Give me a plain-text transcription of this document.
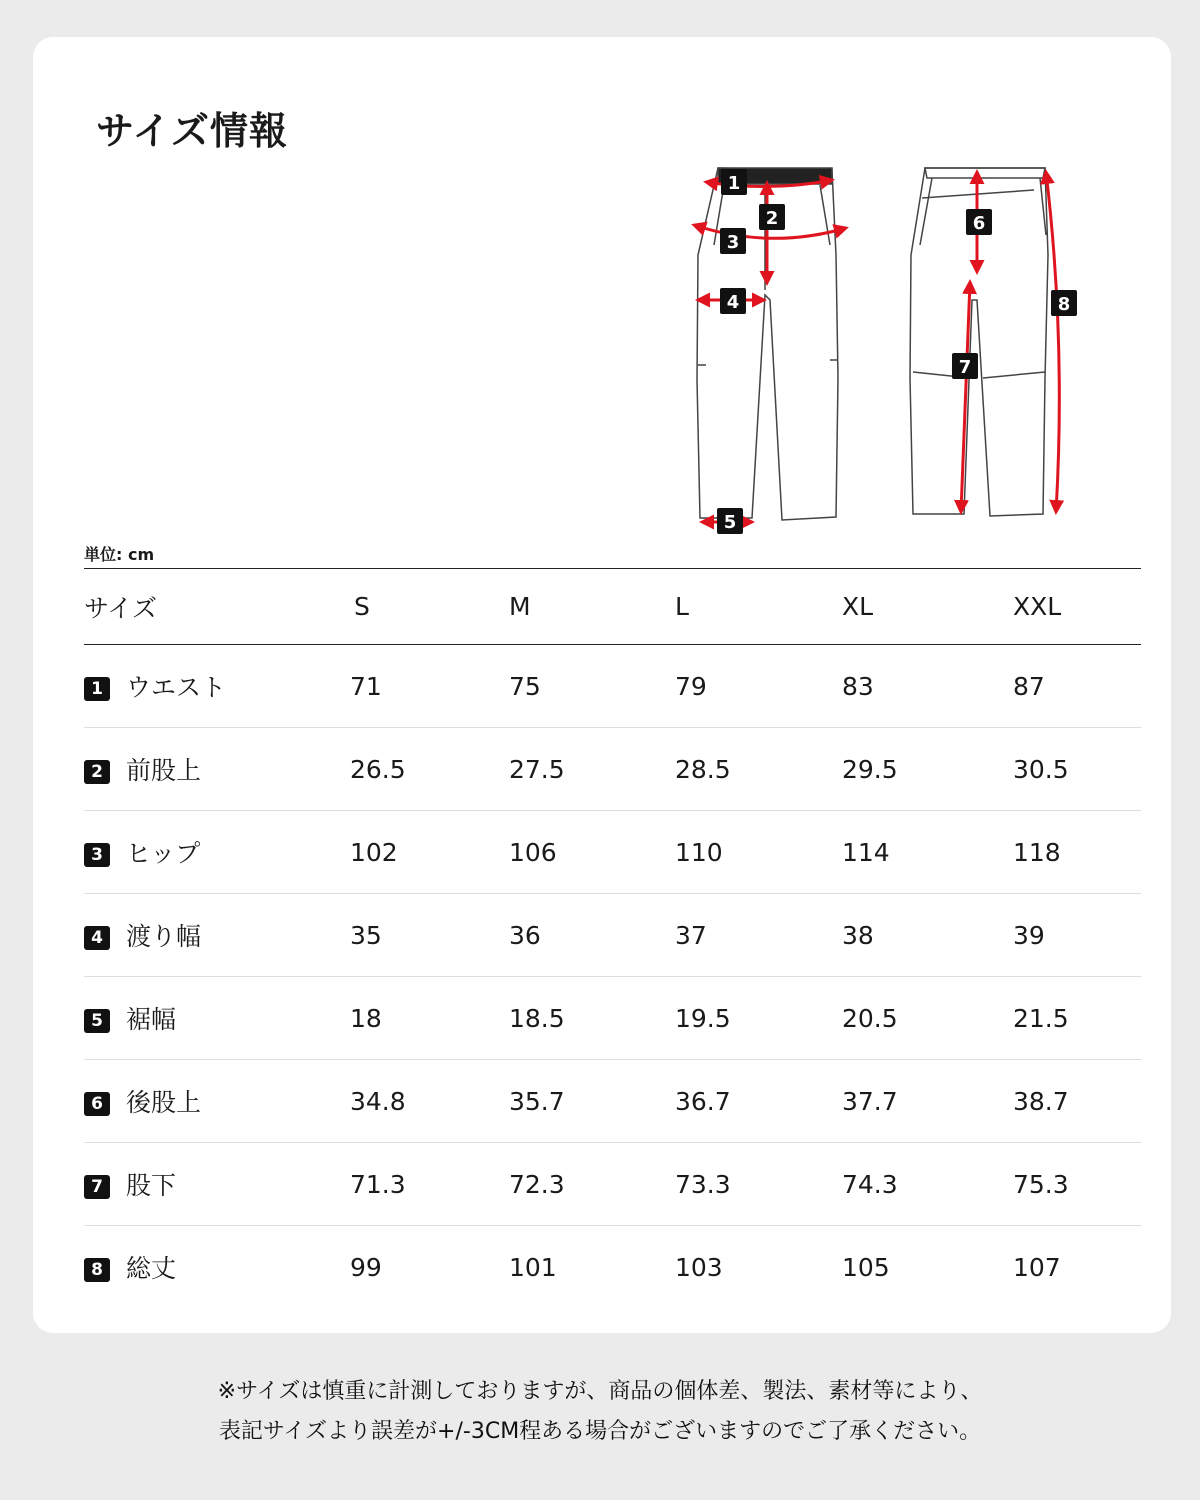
サイズ情報
1
2
3
4
5
6
7
8
単位: cm
サイズ	S	M	L	XL	XXL
1 ウエスト	71	75	79	83	87
2 前股上	26.5	27.5	28.5	29.5	30.5
3 ヒップ	102	106	110	114	118
4 渡り幅	35	36	37	38	39
5 裾幅	18	18.5	19.5	20.5	21.5
6 後股上	34.8	35.7	36.7	37.7	38.7
7 股下	71.3	72.3	73.3	74.3	75.3
8 総丈	99	101	103	105	107
※サイズは慎重に計測しておりますが、商品の個体差、製法、素材等により、
表記サイズより誤差が+/-3CM程ある場合がございますのでご了承ください。
